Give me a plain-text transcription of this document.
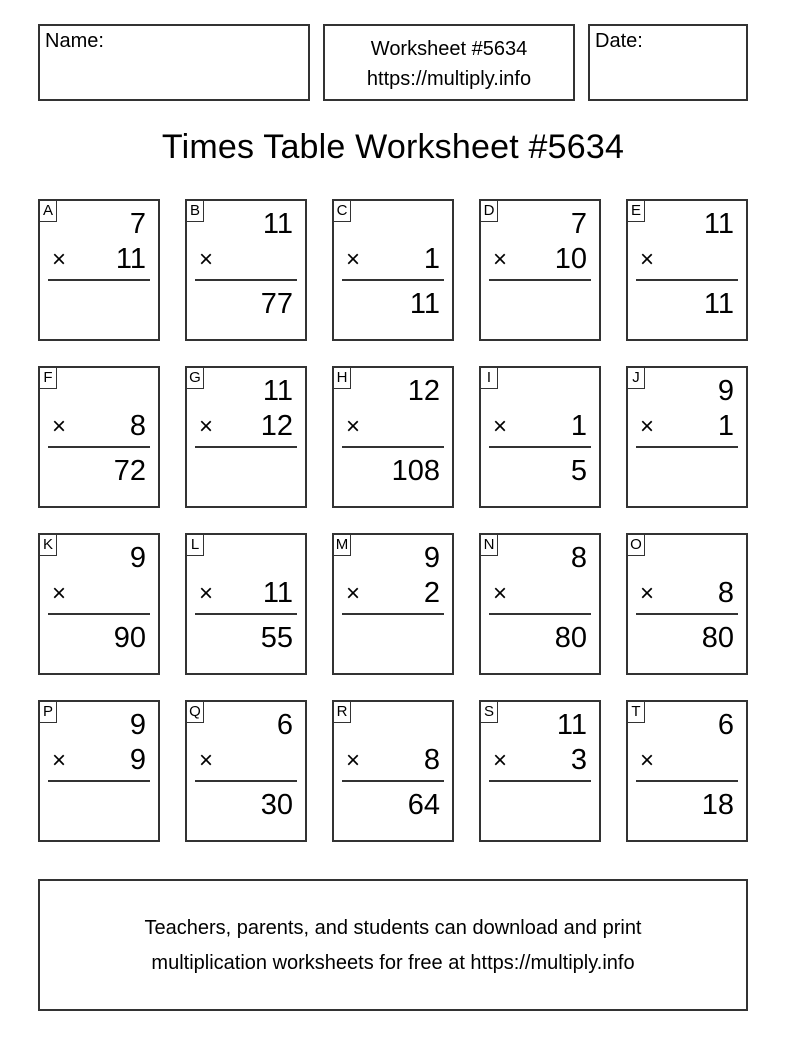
Name:	Worksheet #5634
https://multiply.info
Date:
Times Table Worksheet #5634
A	7
× 11
B 11
×
77
C
× 1
11
D	7
× 10
E 11
×
11
F
× 8
72
G 11
× 12
H 12
×
108
I
× 1
5
J	9
× 1
K	9
×
90
L
× 11
55
M	9
× 2
N	8
×
80
O
× 8
80
P	9
× 9
Q	6
×
30
R
× 8
64
S 11
× 3
T	6
×
18
Teachers, parents, and students can download and print
multiplication worksheets for free at https://multiply.info
